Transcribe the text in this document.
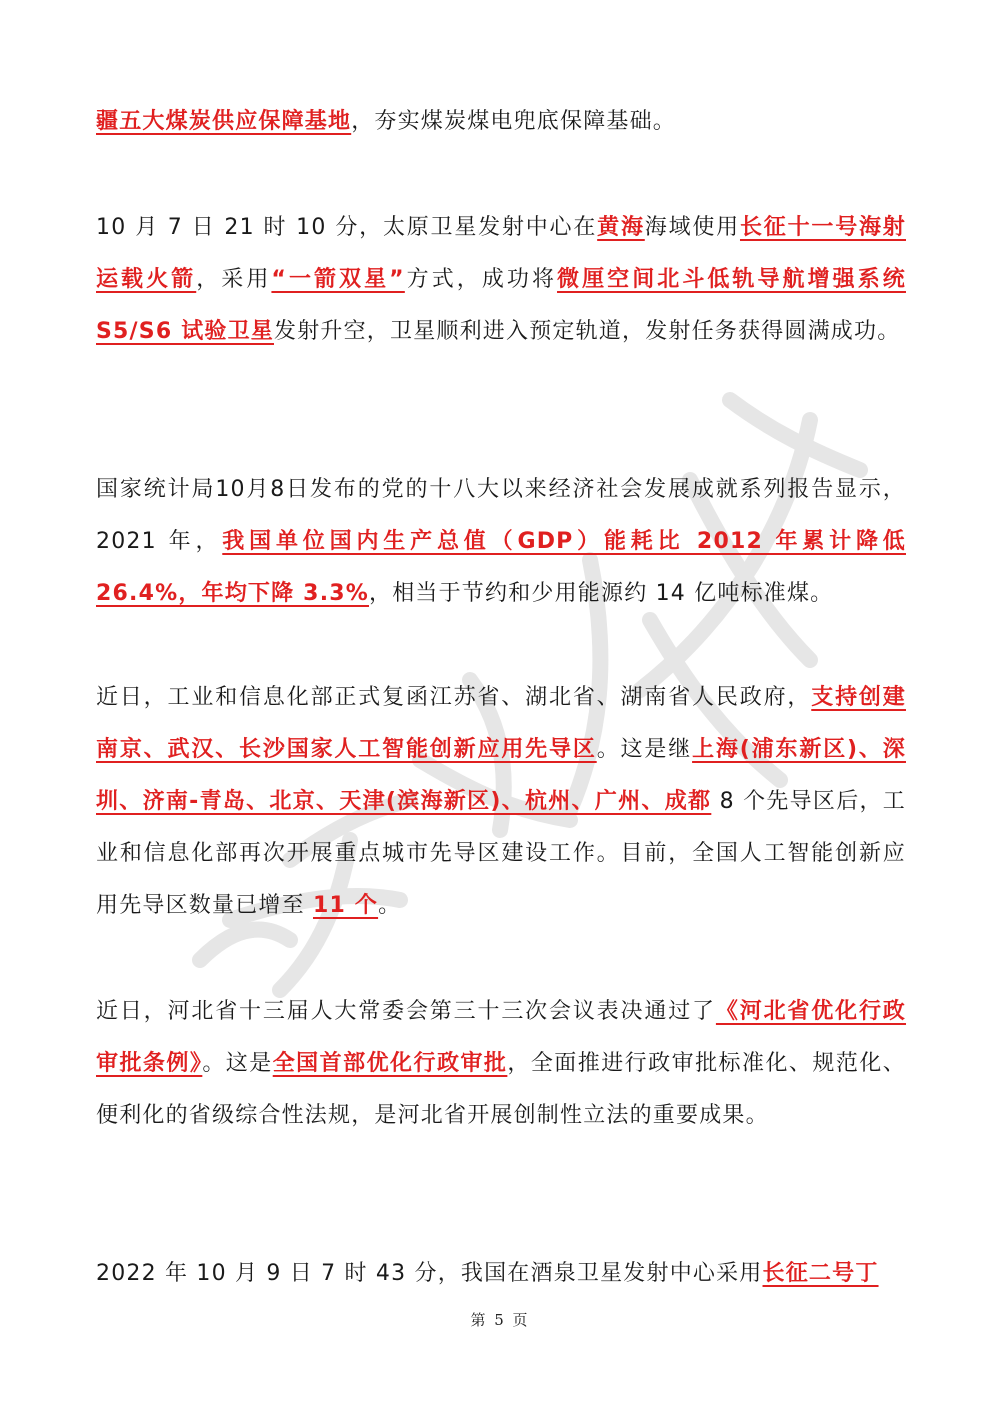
疆五大煤炭供应保障基地，夯实煤炭煤电兜底保障基础。

10 月 7 日 21 时 10 分，太原卫星发射中心在黄海海域使用长征十一号海射运载火箭，采用“一箭双星”方式，成功将微厘空间北斗低轨导航增强系统 S5/S6 试验卫星发射升空，卫星顺利进入预定轨道，发射任务获得圆满成功。

国家统计局10月8日发布的党的十八大以来经济社会发展成就系列报告显示，2021 年，我国单位国内生产总值（GDP）能耗比 2012 年累计降低 26.4%，年均下降 3.3%，相当于节约和少用能源约 14 亿吨标准煤。

近日，工业和信息化部正式复函江苏省、湖北省、湖南省人民政府，支持创建南京、武汉、长沙国家人工智能创新应用先导区。这是继上海(浦东新区)、深圳、济南-青岛、北京、天津(滨海新区)、杭州、广州、成都 8 个先导区后，工业和信息化部再次开展重点城市先导区建设工作。目前，全国人工智能创新应用先导区数量已增至 11 个。

近日，河北省十三届人大常委会第三十三次会议表决通过了《河北省优化行政审批条例》。这是全国首部优化行政审批，全面推进行政审批标准化、规范化、便利化的省级综合性法规，是河北省开展创制性立法的重要成果。

2022 年 10 月 9 日 7 时 43 分，我国在酒泉卫星发射中心采用长征二号丁

第 5 页
